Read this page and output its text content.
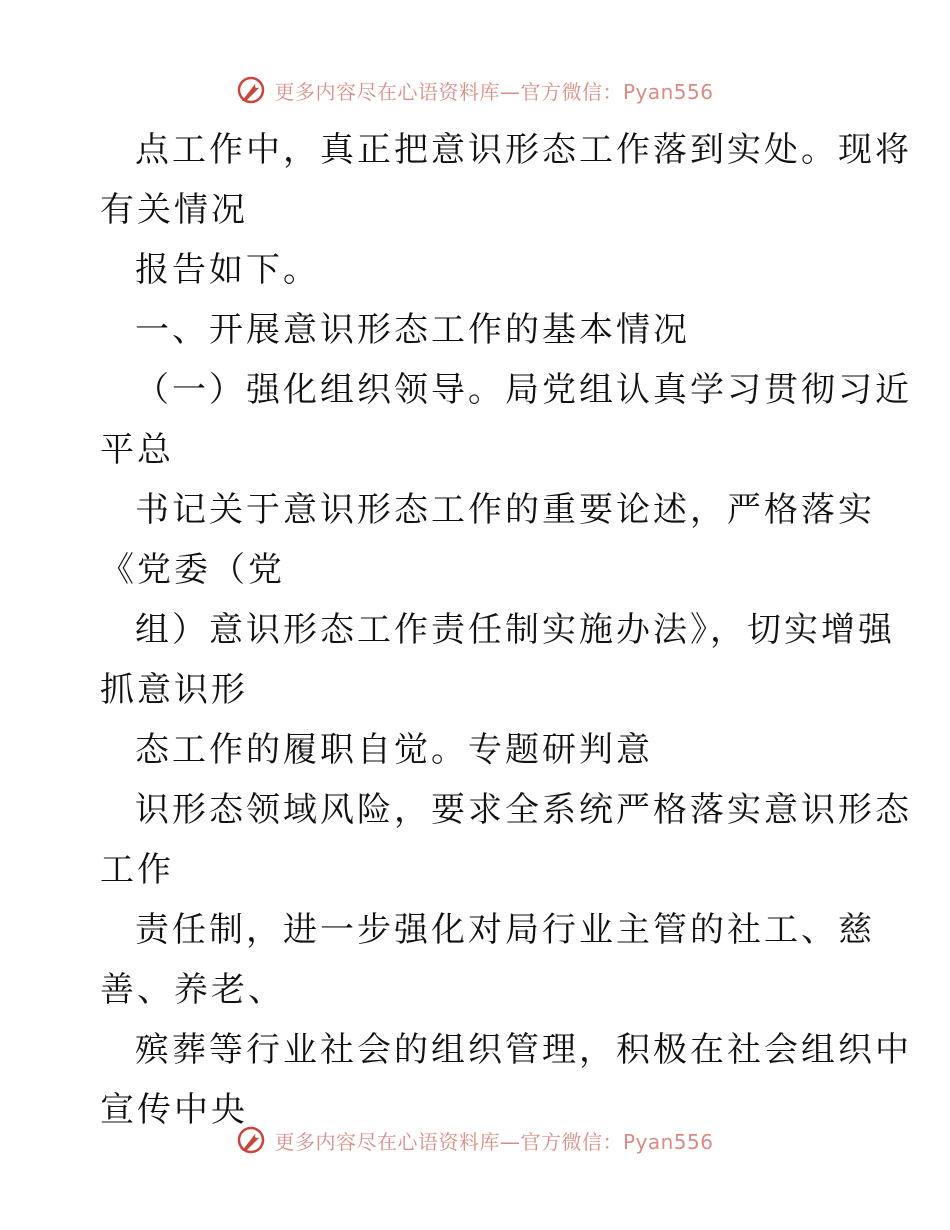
更多内容尽在心语资料库—官方微信：Pyan556
点工作中，真正把意识形态工作落到实处。现将
有关情况
报告如下。
一、开展意识形态工作的基本情况
（一）强化组织领导。局党组认真学习贯彻习近
平总
书记关于意识形态工作的重要论述，严格落实
《党委（党
组）意识形态工作责任制实施办法》，切实增强
抓意识形
态工作的履职自觉。专题研判意
识形态领域风险，要求全系统严格落实意识形态
工作
责任制，进一步强化对局行业主管的社工、慈
善、养老、
殡葬等行业社会的组织管理，积极在社会组织中
宣传中央
更多内容尽在心语资料库—官方微信：Pyan556
